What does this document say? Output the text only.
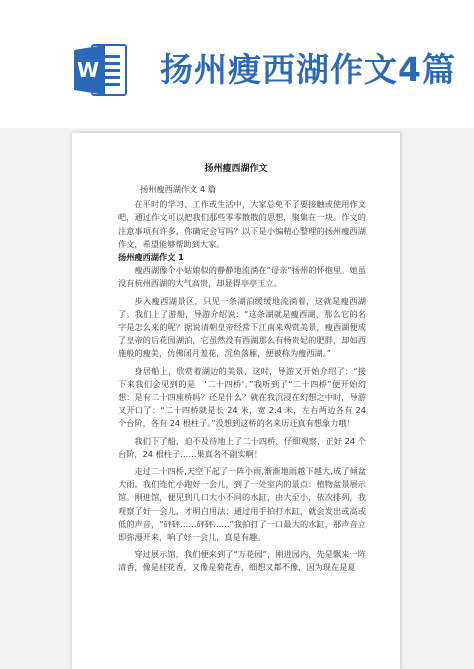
W 扬州瘦西湖作文4篇
扬州瘦西湖作文

扬州瘦西湖作文 4 篇

在平时的学习、工作或生活中，大家总免不了要接触或使用作文吧，通过作文可以把我们那些零零散散的思想，聚集在一块。作文的注意事项有许多，你确定会写吗？以下是小编精心整理的扬州瘦西湖作文，希望能够帮助到大家。

扬州瘦西湖作文 1

瘦西湖像个小姑娘似的静静地流淌在“母亲”扬州的怀抱里。她虽没有杭州西湖的大气高贵，却显得亭亭玉立。

步入瘦西湖景区，只见一条湖泊缓缓地流淌着，这就是瘦西湖了。我们上了游船，导游介绍说：“这条湖就是瘦西湖，那么它的名字是怎么来的呢？据说清朝皇帝经常下江南来观赏美景，瘦西湖便成了皇帝的后花园湖泊，它虽然没有西湖那么有杨贵妃的肥胖，却如西施般的瘦美，仿佛闭月羞花，沉鱼落雁，便被称为瘦西湖。”

身居船上，欣赏着湖边的美景，这时，导游又开始介绍了：“接下来我们会见到的是　‘二十四桥’。”我听到了“二十四桥”便开始幻想：是有二十四座桥吗？还是什么？就在我沉浸在幻想之中时，导游又开口了：“二十四桥就是长 24 米，宽 2.4 米，左右两边各有 24 个台阶，各有 24 根柱子。”没想到这桥的名来历还真有想象力哦！

我们下了船，迫不及待地上了二十四桥，仔细观察，正好 24 个台阶，24 根柱子……果真名不副实啊！

走过二十四桥,天空下起了一阵小雨,渐渐地雨越下越大,成了倾盆大雨。我们连忙小跑好一会儿，到了一处室内的景点：植物盆景展示馆。刚进馆，便见到几口大小不同的水缸，由大至小，依次排列，我观察了好一会儿，才明白用法：通过用手拍打水缸，就会发出或高或低的声音，“砰砰……砰砰……”我拍打了一口最大的水缸，那声音立即弥漫开来，响了好一会儿，真是有趣。

穿过展示馆，我们便来到了“万花园”，刚进园内，先是飘来一阵清香，像是桂花香，又像是菊花香，细想又都不像，因为现在是夏
